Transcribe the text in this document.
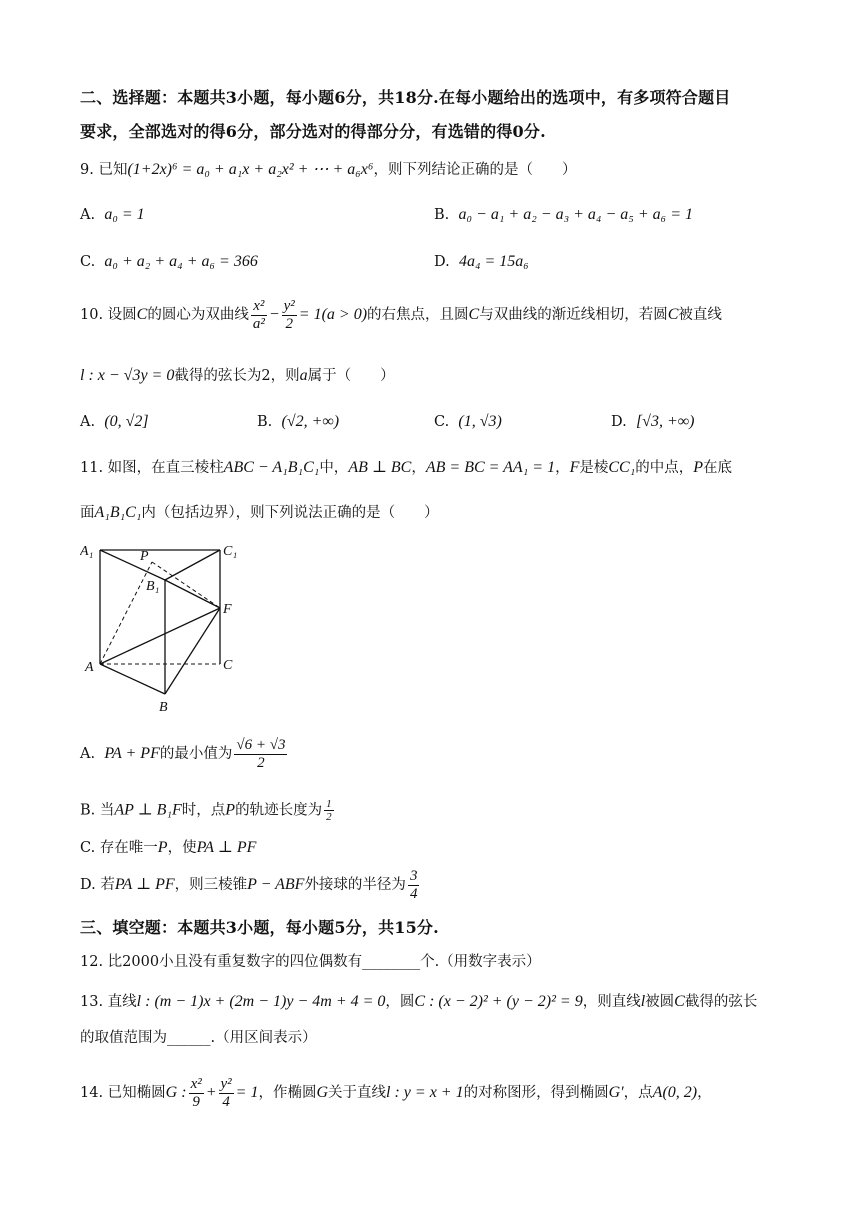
二、选择题：本题共3小题，每小题6分，共18分.在每小题给出的选项中，有多项符合题目
要求，全部选对的得6分，部分选对的得部分分，有选错的得0分.
9. 已知(1+2x)⁶ = a₀ + a₁x + a₂x² + ⋯ + a₆x⁶，则下列结论正确的是（　　）
A. a₀ = 1	B. a₀ − a₁ + a₂ − a₃ + a₄ − a₅ + a₆ = 1
C. a₀ + a₂ + a₄ + a₆ = 366	D. 4a₄ = 15a₆
10. 设圆C的圆心为双曲线 $\frac{\text{x²}}{\text{a²}} - \frac{\text{y²}}{2} = 1(a > 0)$的右焦点，且圆C与双曲线的渐近线相切，若圆C被直线
l : x − √3y = 0截得的弦长为2，则a属于（　　）
A. (0, √2]	B. (√2, +∞)	C. (1, √3)	D. [√3, +∞)
11. 如图，在直三棱柱ABC − A₁B₁C₁中，AB ⊥ BC，AB = BC = AA₁ = 1，F是棱CC₁的中点，P在底
面A₁B₁C₁内（包括边界），则下列说法正确的是（　　）
A₁	C₁
P
B₁
F
A	C
B
A. PA + PF的最小值为 $\frac{√6 + √3}{2}$
B. 当AP ⊥ B₁F时，点P的轨迹长度为 $\frac{1}{2}$
C. 存在唯一P，使PA ⊥ PF
D. 若PA ⊥ PF，则三棱锥P − ABF外接球的半径为 $\frac{3}{4}$
三、填空题：本题共3小题，每小题5分，共15分.
12. 比2000小且没有重复数字的四位偶数有________个.（用数字表示）
13. 直线l : (m − 1)x + (2m − 1)y − 4m + 4 = 0，圆C : (x − 2)² + (y − 2)² = 9，则直线l被圆C截得的弦长
的取值范围为______.（用区间表示）
14. 已知椭圆G : $\frac{\text{x²}}{9} + \frac{\text{y²}}{4} = 1$，作椭圆G关于直线l : y = x + 1的对称图形，得到椭圆G′，点A(0, 2)，
